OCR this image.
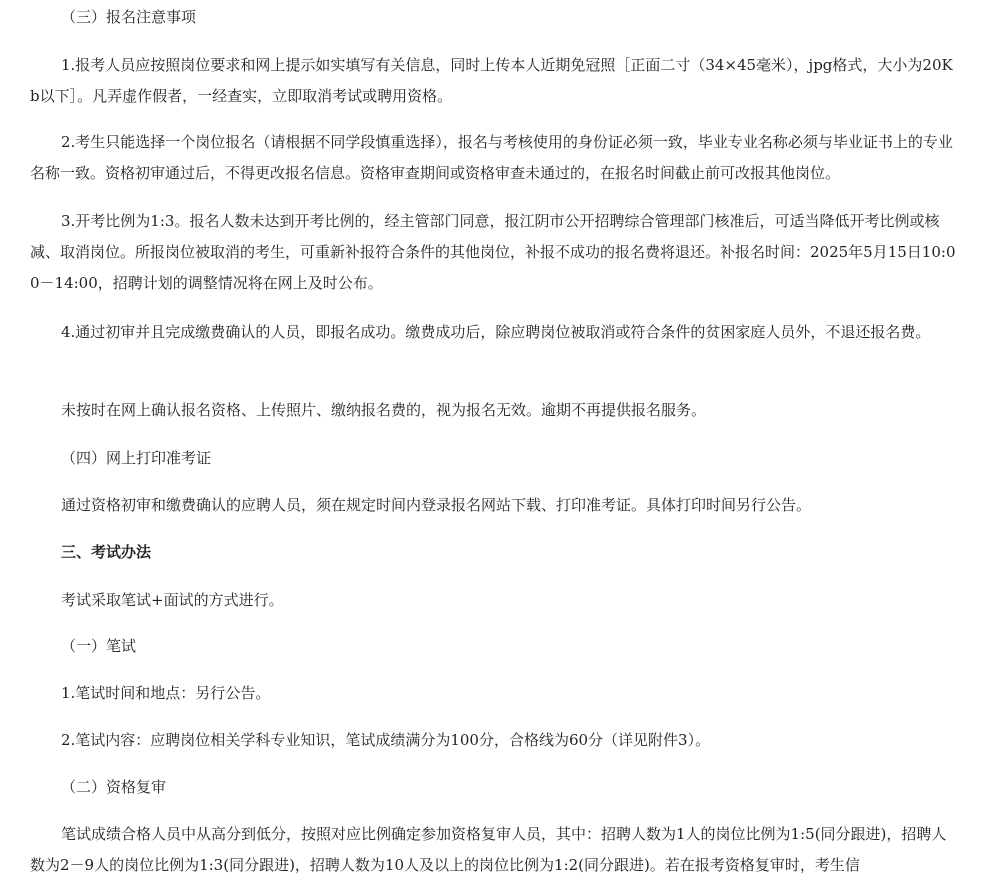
（三）报名注意事项

1.报考人员应按照岗位要求和网上提示如实填写有关信息，同时上传本人近期免冠照［正面二寸（34×45毫米），jpg格式，大小为20Kb以下］。凡弄虚作假者，一经查实，立即取消考试或聘用资格。

2.考生只能选择一个岗位报名（请根据不同学段慎重选择），报名与考核使用的身份证必须一致，毕业专业名称必须与毕业证书上的专业名称一致。资格初审通过后，不得更改报名信息。资格审查期间或资格审查未通过的，在报名时间截止前可改报其他岗位。

3.开考比例为1:3。报名人数未达到开考比例的，经主管部门同意，报江阴市公开招聘综合管理部门核准后，可适当降低开考比例或核减、取消岗位。所报岗位被取消的考生，可重新补报符合条件的其他岗位，补报不成功的报名费将退还。补报名时间：2025年5月15日10:00－14:00，招聘计划的调整情况将在网上及时公布。

4.通过初审并且完成缴费确认的人员，即报名成功。缴费成功后，除应聘岗位被取消或符合条件的贫困家庭人员外，不退还报名费。

未按时在网上确认报名资格、上传照片、缴纳报名费的，视为报名无效。逾期不再提供报名服务。

（四）网上打印准考证

通过资格初审和缴费确认的应聘人员，须在规定时间内登录报名网站下载、打印准考证。具体打印时间另行公告。

三、考试办法

考试采取笔试+面试的方式进行。

（一）笔试

1.笔试时间和地点：另行公告。

2.笔试内容：应聘岗位相关学科专业知识，笔试成绩满分为100分，合格线为60分（详见附件3）。

（二）资格复审

笔试成绩合格人员中从高分到低分，按照对应比例确定参加资格复审人员，其中：招聘人数为1人的岗位比例为1:5(同分跟进)，招聘人数为2－9人的岗位比例为1:3(同分跟进)，招聘人数为10人及以上的岗位比例为1:2(同分跟进)。若在报考资格复审时，考生信
